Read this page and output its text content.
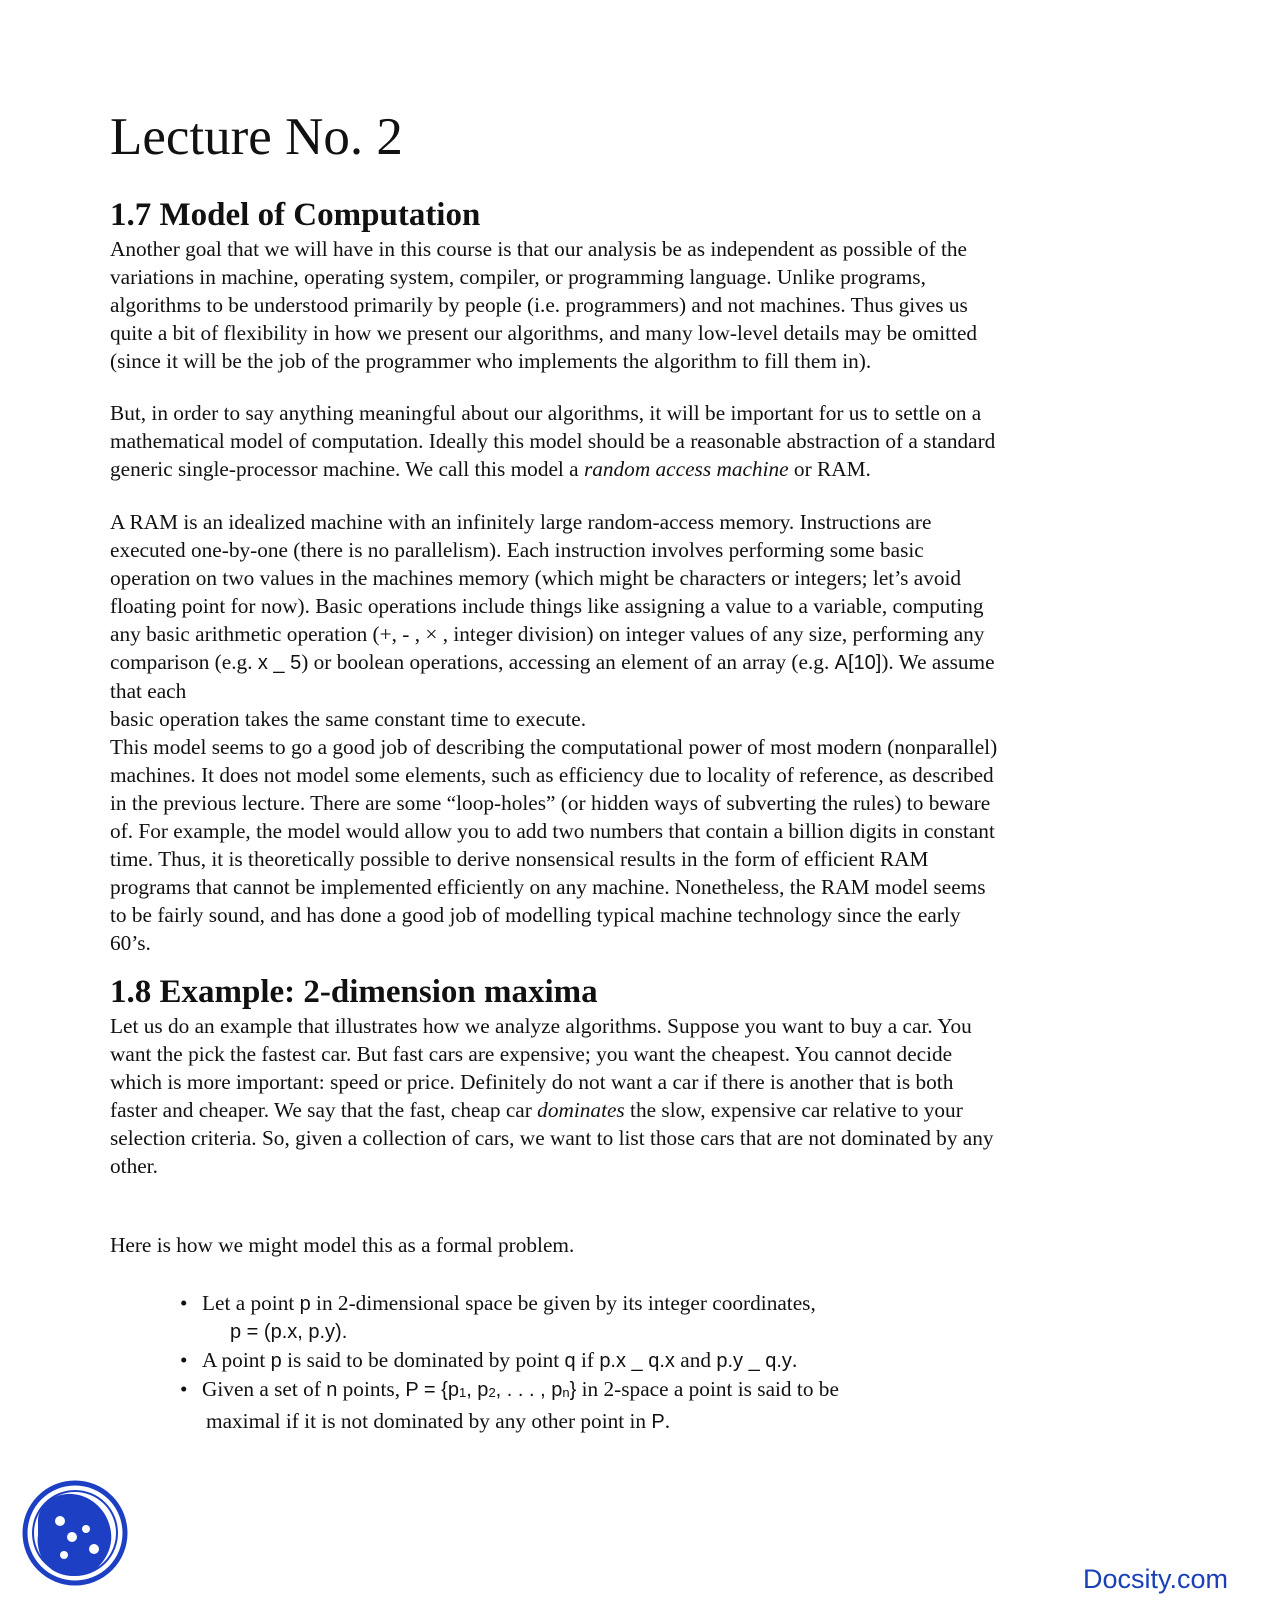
Lecture No. 2
1.7 Model of Computation

Another goal that we will have in this course is that our analysis be as independent as possible of the
variations in machine, operating system, compiler, or programming language. Unlike programs,
algorithms to be understood primarily by people (i.e. programmers) and not machines. Thus gives us
quite a bit of flexibility in how we present our algorithms, and many low-level details may be omitted
(since it will be the job of the programmer who implements the algorithm to fill them in).

But, in order to say anything meaningful about our algorithms, it will be important for us to settle on a
mathematical model of computation. Ideally this model should be a reasonable abstraction of a standard
generic single-processor machine. We call this model a random access machine or RAM.

A RAM is an idealized machine with an infinitely large random-access memory. Instructions are
executed one-by-one (there is no parallelism). Each instruction involves performing some basic
operation on two values in the machines memory (which might be characters or integers; let’s avoid
floating point for now). Basic operations include things like assigning a value to a variable, computing
any basic arithmetic operation (+, - , × , integer division) on integer values of any size, performing any
comparison (e.g. x _ 5) or boolean operations, accessing an element of an array (e.g. A[10]). We assume
that each
basic operation takes the same constant time to execute.
This model seems to go a good job of describing the computational power of most modern (nonparallel)
machines. It does not model some elements, such as efficiency due to locality of reference, as described
in the previous lecture. There are some “loop-holes” (or hidden ways of subverting the rules) to beware
of. For example, the model would allow you to add two numbers that contain a billion digits in constant
time. Thus, it is theoretically possible to derive nonsensical results in the form of efficient RAM
programs that cannot be implemented efficiently on any machine. Nonetheless, the RAM model seems
to be fairly sound, and has done a good job of modelling typical machine technology since the early
60’s.

1.8 Example: 2-dimension maxima

Let us do an example that illustrates how we analyze algorithms. Suppose you want to buy a car. You
want the pick the fastest car. But fast cars are expensive; you want the cheapest. You cannot decide
which is more important: speed or price. Definitely do not want a car if there is another that is both
faster and cheaper. We say that the fast, cheap car dominates the slow, expensive car relative to your
selection criteria. So, given a collection of cars, we want to list those cars that are not dominated by any
other.

Here is how we might model this as a formal problem.

• Let a point p in 2-dimensional space be given by its integer coordinates,
p = (p.x, p.y).
• A point p is said to be dominated by point q if p.x _ q.x and p.y _ q.y.
• Given a set of n points, $P = \{p_1$, $p_2$, . . . , $p_n$} in 2-space a point is said to be
maximal if it is not dominated by any other point in P.
Docsity.com
